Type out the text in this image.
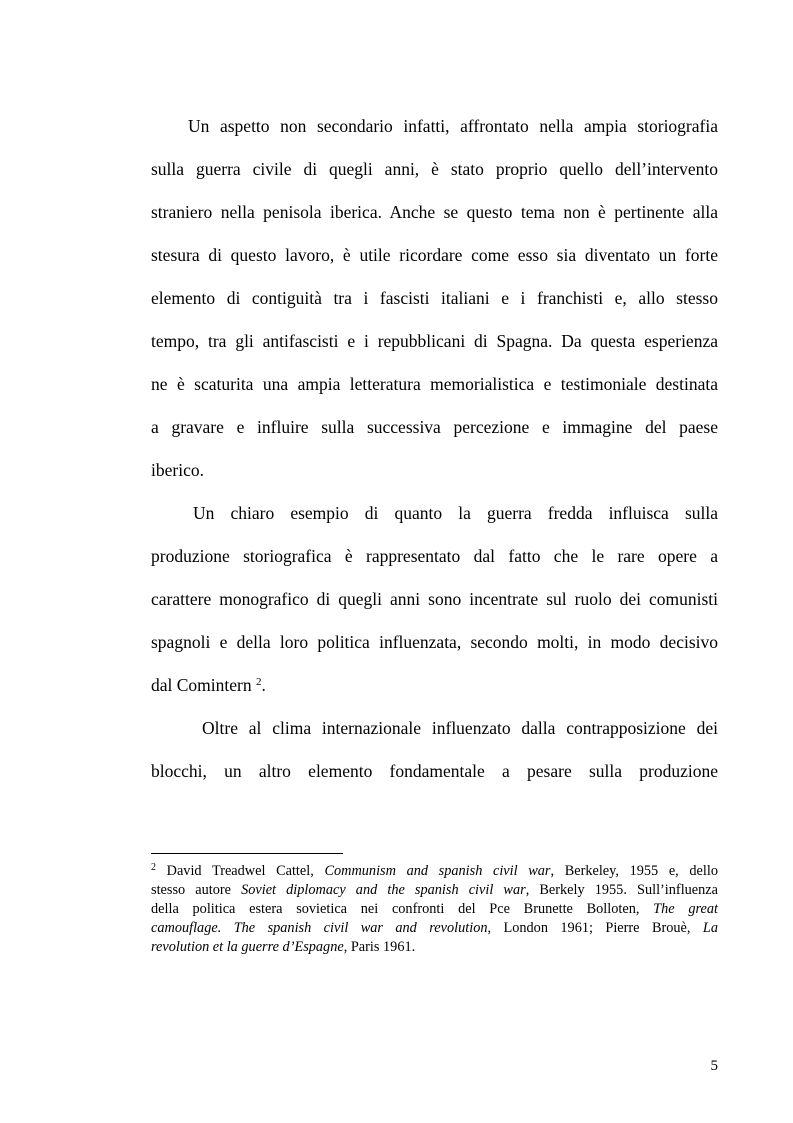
Un aspetto non secondario infatti, affrontato nella ampia storiografia
sulla guerra civile di quegli anni, è stato proprio quello dell’intervento
straniero nella penisola iberica. Anche se questo tema non è pertinente alla
stesura di questo lavoro, è utile ricordare come esso sia diventato un forte
elemento di contiguità tra i fascisti italiani e i franchisti e, allo stesso
tempo, tra gli antifascisti e i repubblicani di Spagna. Da questa esperienza
ne è scaturita una ampia letteratura memorialistica e testimoniale destinata
a gravare e influire sulla successiva percezione e immagine del paese
iberico.
Un chiaro esempio di quanto la guerra fredda influisca sulla
produzione storiografica è rappresentato dal fatto che le rare opere a
carattere monografico di quegli anni sono incentrate sul ruolo dei comunisti
spagnoli e della loro politica influenzata, secondo molti, in modo decisivo
dal Comintern $^2$.
Oltre al clima internazionale influenzato dalla contrapposizione dei
blocchi, un altro elemento fondamentale a pesare sulla produzione
$^2$ David Treadwel Cattel, Communism and spanish civil war, Berkeley, 1955 e, dello
stesso autore Soviet diplomacy and the spanish civil war, Berkely 1955. Sull’influenza
della politica estera sovietica nei confronti del Pce Brunette Bolloten, The great
camouflage. The spanish civil war and revolution, London 1961; Pierre Brouè, La
revolution et la guerre d’Espagne, Paris 1961.
5
